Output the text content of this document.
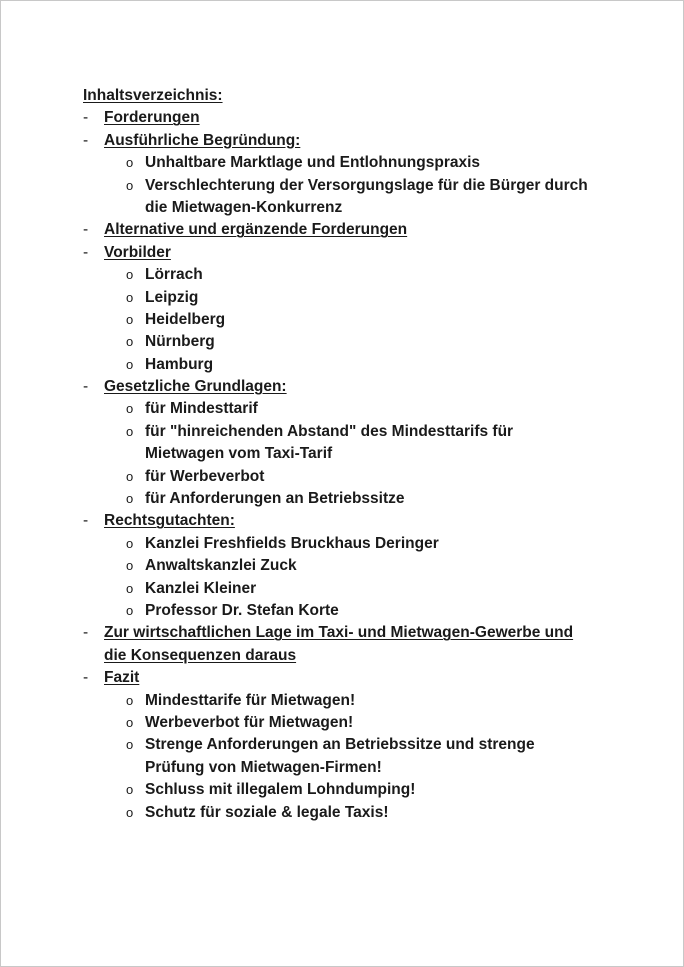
Inhaltsverzeichnis:
- Forderungen
- Ausführliche Begründung:
o Unhaltbare Marktlage und Entlohnungspraxis
o Verschlechterung der Versorgungslage für die Bürger durch
die Mietwagen-Konkurrenz
- Alternative und ergänzende Forderungen
- Vorbilder
o Lörrach
o Leipzig
o Heidelberg
o Nürnberg
o Hamburg
- Gesetzliche Grundlagen:
o für Mindesttarif
o für "hinreichenden Abstand" des Mindesttarifs für
Mietwagen vom Taxi-Tarif
o für Werbeverbot
o für Anforderungen an Betriebssitze
- Rechtsgutachten:
o Kanzlei Freshfields Bruckhaus Deringer
o Anwaltskanzlei Zuck
o Kanzlei Kleiner
o Professor Dr. Stefan Korte
- Zur wirtschaftlichen Lage im Taxi- und Mietwagen-Gewerbe und
die Konsequenzen daraus
- Fazit
o Mindesttarife für Mietwagen!
o Werbeverbot für Mietwagen!
o Strenge Anforderungen an Betriebssitze und strenge
Prüfung von Mietwagen-Firmen!
o Schluss mit illegalem Lohndumping!
o Schutz für soziale & legale Taxis!
